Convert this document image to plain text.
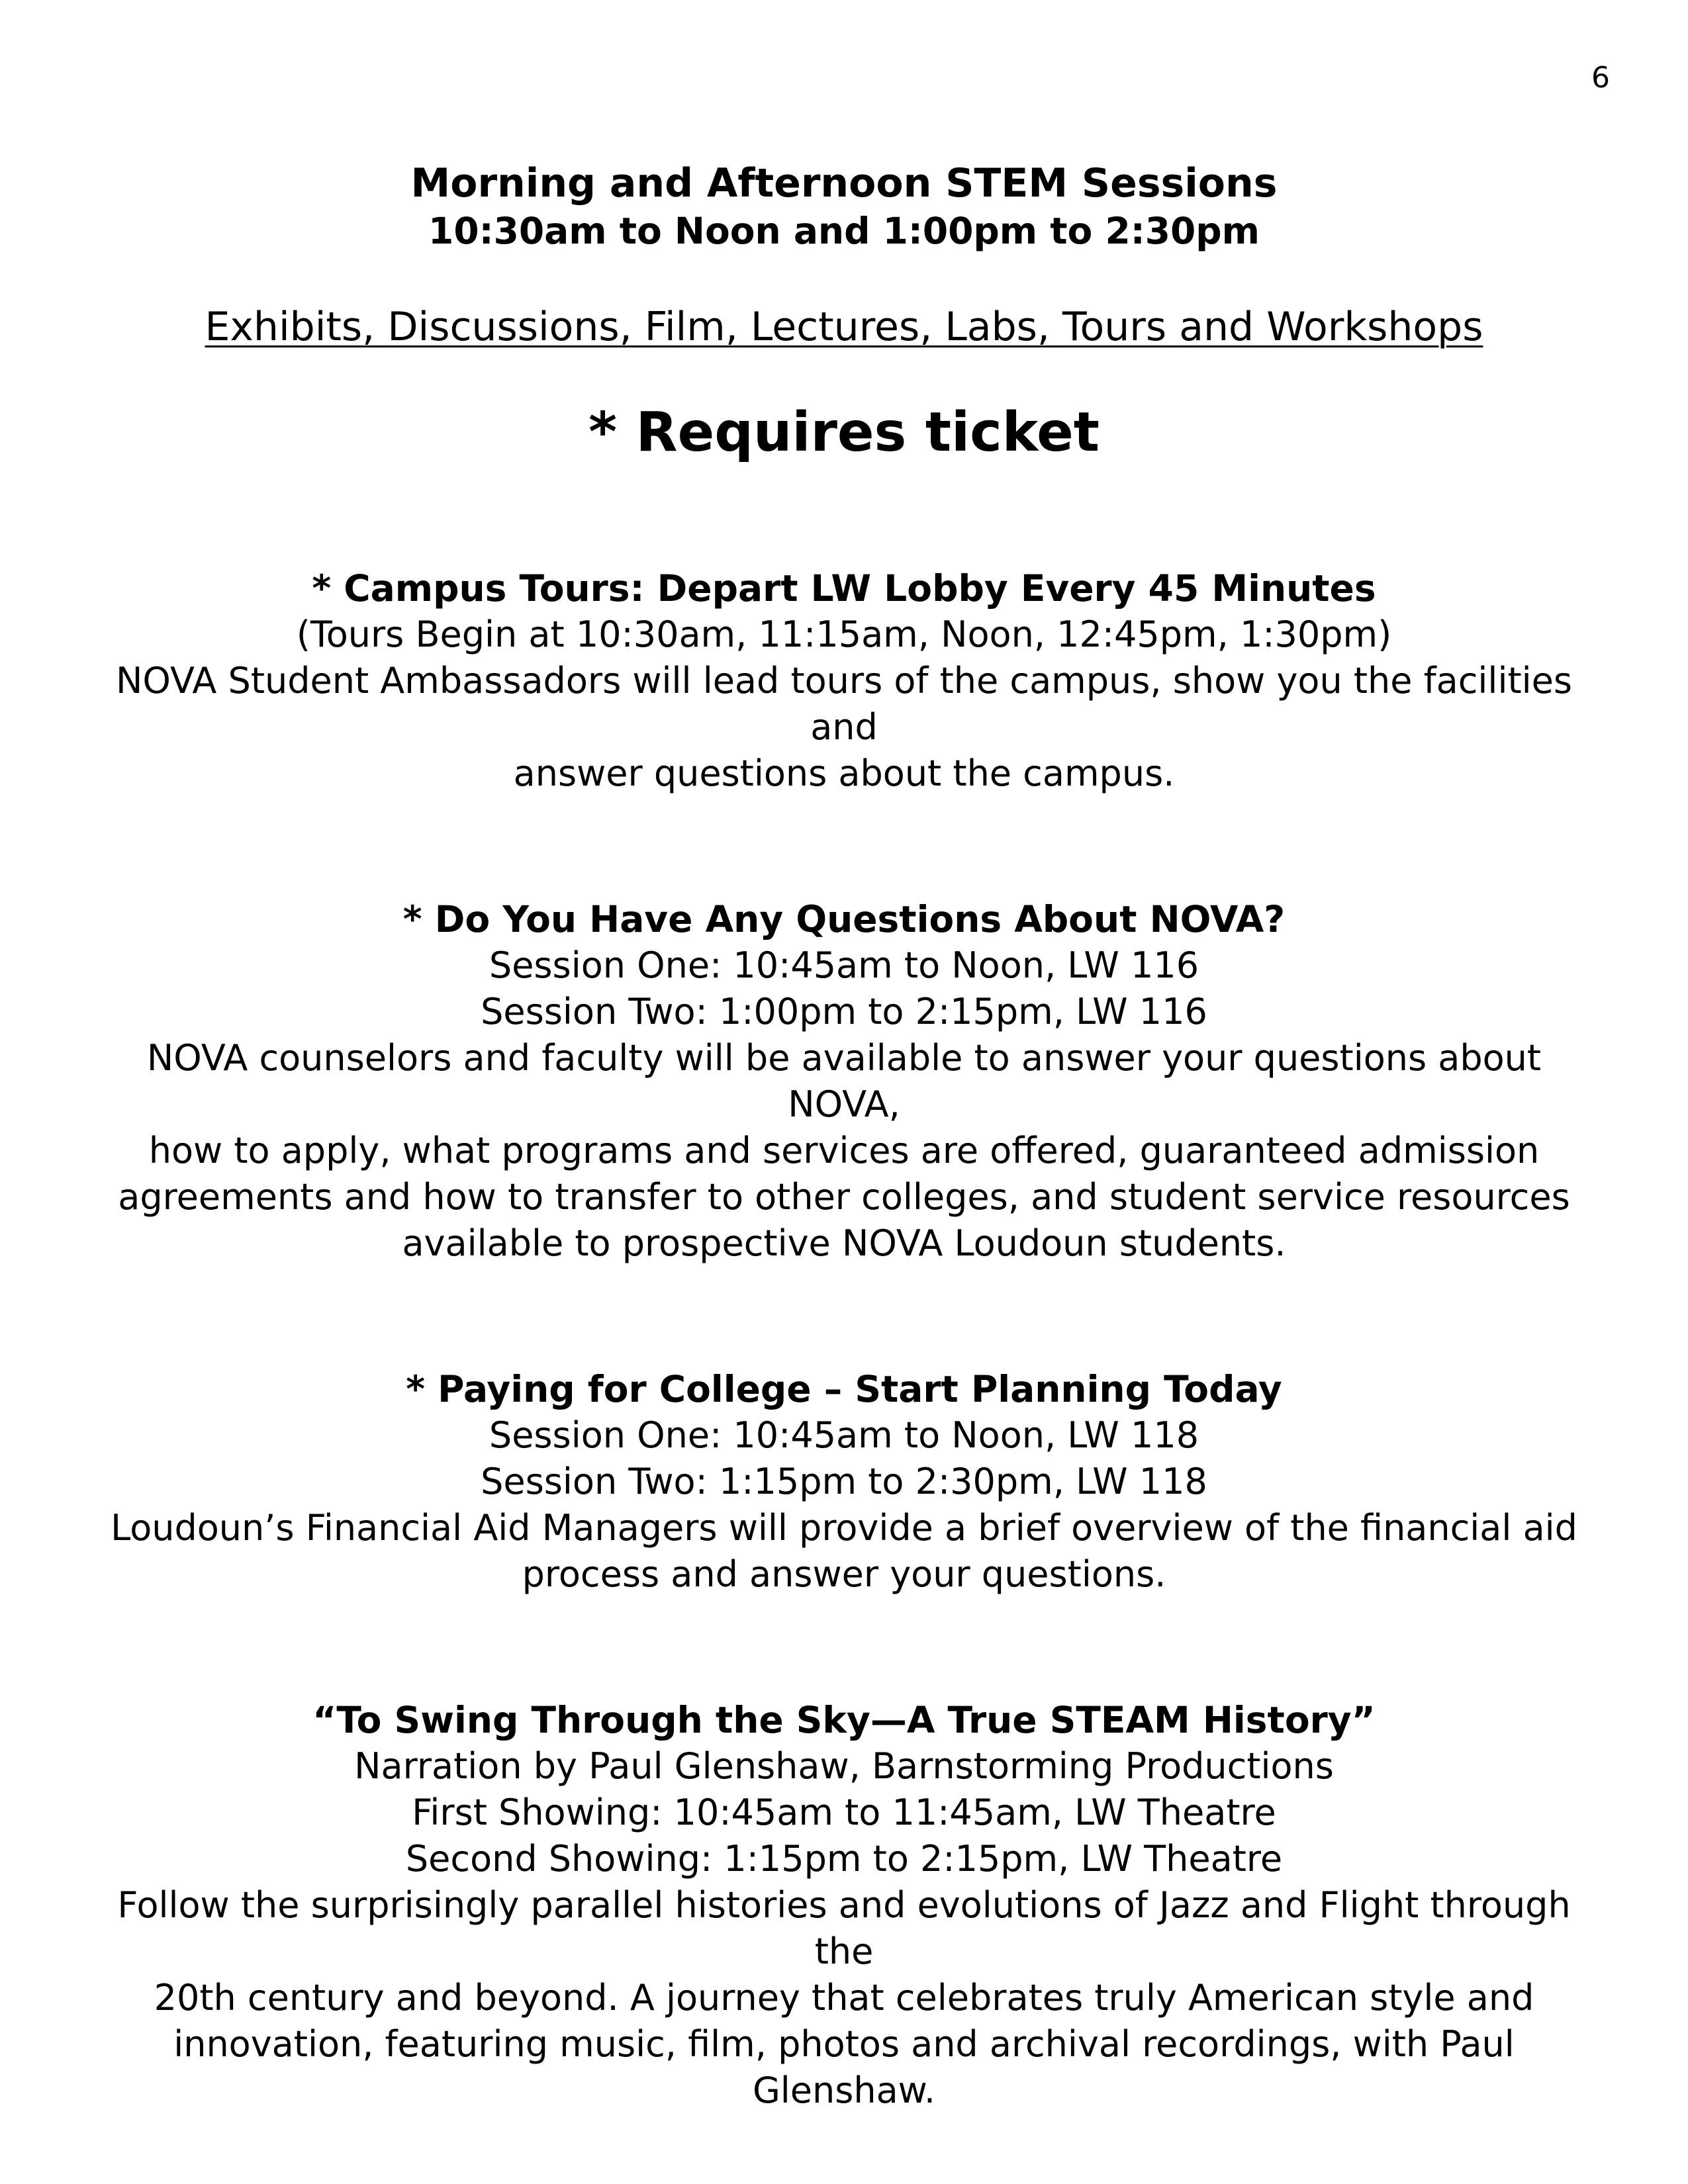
6
Morning and Afternoon STEM Sessions
10:30am to Noon and 1:00pm to 2:30pm
Exhibits, Discussions, Film, Lectures, Labs, Tours and Workshops
* Requires ticket
* Campus Tours: Depart LW Lobby Every 45 Minutes
(Tours Begin at 10:30am, 11:15am, Noon, 12:45pm, 1:30pm)
NOVA Student Ambassadors will lead tours of the campus, show you the facilities and
answer questions about the campus.
* Do You Have Any Questions About NOVA?
Session One: 10:45am to Noon, LW 116
Session Two: 1:00pm to 2:15pm, LW 116
NOVA counselors and faculty will be available to answer your questions about NOVA,
how to apply, what programs and services are offered, guaranteed admission
agreements and how to transfer to other colleges, and student service resources
available to prospective NOVA Loudoun students.
* Paying for College – Start Planning Today
Session One: 10:45am to Noon, LW 118
Session Two: 1:15pm to 2:30pm, LW 118
Loudoun’s Financial Aid Managers will provide a brief overview of the financial aid
process and answer your questions.
“To Swing Through the Sky—A True STEAM History”
Narration by Paul Glenshaw, Barnstorming Productions
First Showing: 10:45am to 11:45am, LW Theatre
Second Showing: 1:15pm to 2:15pm, LW Theatre
Follow the surprisingly parallel histories and evolutions of Jazz and Flight through the
20th century and beyond. A journey that celebrates truly American style and
innovation, featuring music, film, photos and archival recordings, with Paul
Glenshaw.
